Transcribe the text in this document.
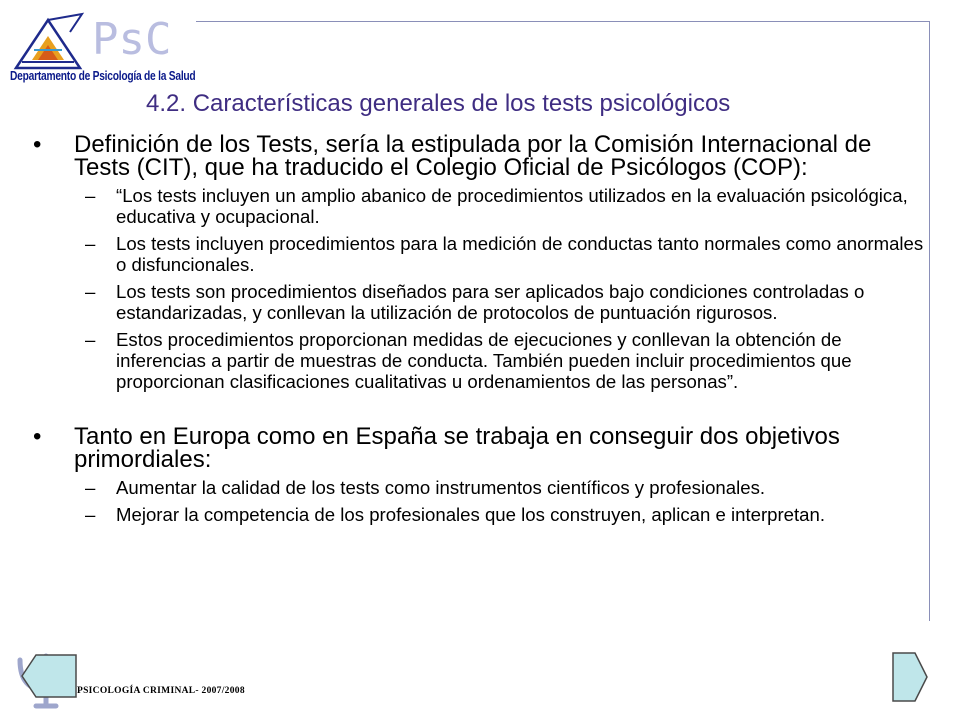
PsC
Departamento de Psicología de la Salud
4.2. Características generales de los tests psicológicos

• Definición de los Tests, sería la estipulada por la Comisión Internacional de Tests (CIT), que ha traducido el Colegio Oficial de Psicólogos (COP):

– “Los tests incluyen un amplio abanico de procedimientos utilizados en la evaluación psicológica, educativa y ocupacional.

– Los tests incluyen procedimientos para la medición de conductas tanto normales como anormales o disfuncionales.

– Los tests son procedimientos diseñados para ser aplicados bajo condiciones controladas o estandarizadas, y conllevan la utilización de protocolos de puntuación rigurosos.

– Estos procedimientos proporcionan medidas de ejecuciones y conllevan la obtención de inferencias a partir de muestras de conducta. También pueden incluir procedimientos que proporcionan clasificaciones cualitativas u ordenamientos de las personas”.

• Tanto en Europa como en España se trabaja en conseguir dos objetivos primordiales:

– Aumentar la calidad de los tests como instrumentos científicos y profesionales.

– Mejorar la competencia de los profesionales que los construyen, aplican e interpretan.

PSICOLOGÍA CRIMINAL- 2007/2008
